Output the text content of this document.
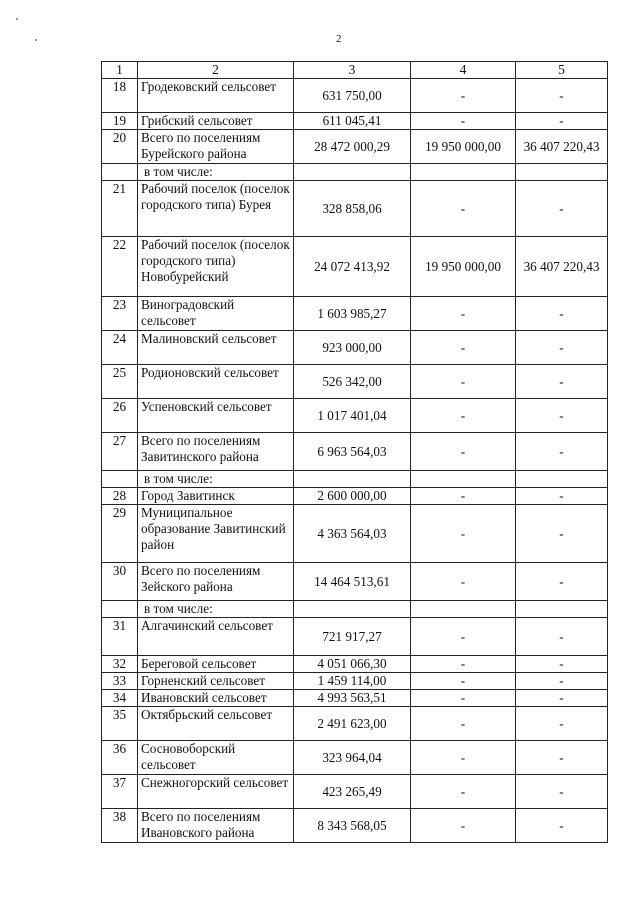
2
1	2	3	4	5
18	Гродековский сельсовет	631 750,00	-	-
19	Грибский сельсовет	611 045,41	-	-
20	Всего по поселениям Бурейского района	28 472 000,29	19 950 000,00	36 407 220,43
	в том числе:			
21	Рабочий поселок (поселок городского типа) Бурея	328 858,06	-	-
22	Рабочий поселок (поселок городского типа) Новобурейский	24 072 413,92	19 950 000,00	36 407 220,43
23	Виноградовский сельсовет	1 603 985,27	-	-
24	Малиновский сельсовет	923 000,00	-	-
25	Родионовский сельсовет	526 342,00	-	-
26	Успеновский сельсовет	1 017 401,04	-	-
27	Всего по поселениям Завитинского района	6 963 564,03	-	-
	в том числе:			
28	Город Завитинск	2 600 000,00	-	-
29	Муниципальное образование Завитинский район	4 363 564,03	-	-
30	Всего по поселениям Зейского района	14 464 513,61	-	-
	в том числе:			
31	Алгачинский сельсовет	721 917,27	-	-
32	Береговой сельсовет	4 051 066,30	-	-
33	Горненский сельсовет	1 459 114,00	-	-
34	Ивановский сельсовет	4 993 563,51	-	-
35	Октябрьский сельсовет	2 491 623,00	-	-
36	Сосновоборский сельсовет	323 964,04	-	-
37	Снежногорский сельсовет	423 265,49	-	-
38	Всего по поселениям Ивановского района	8 343 568,05	-	-
